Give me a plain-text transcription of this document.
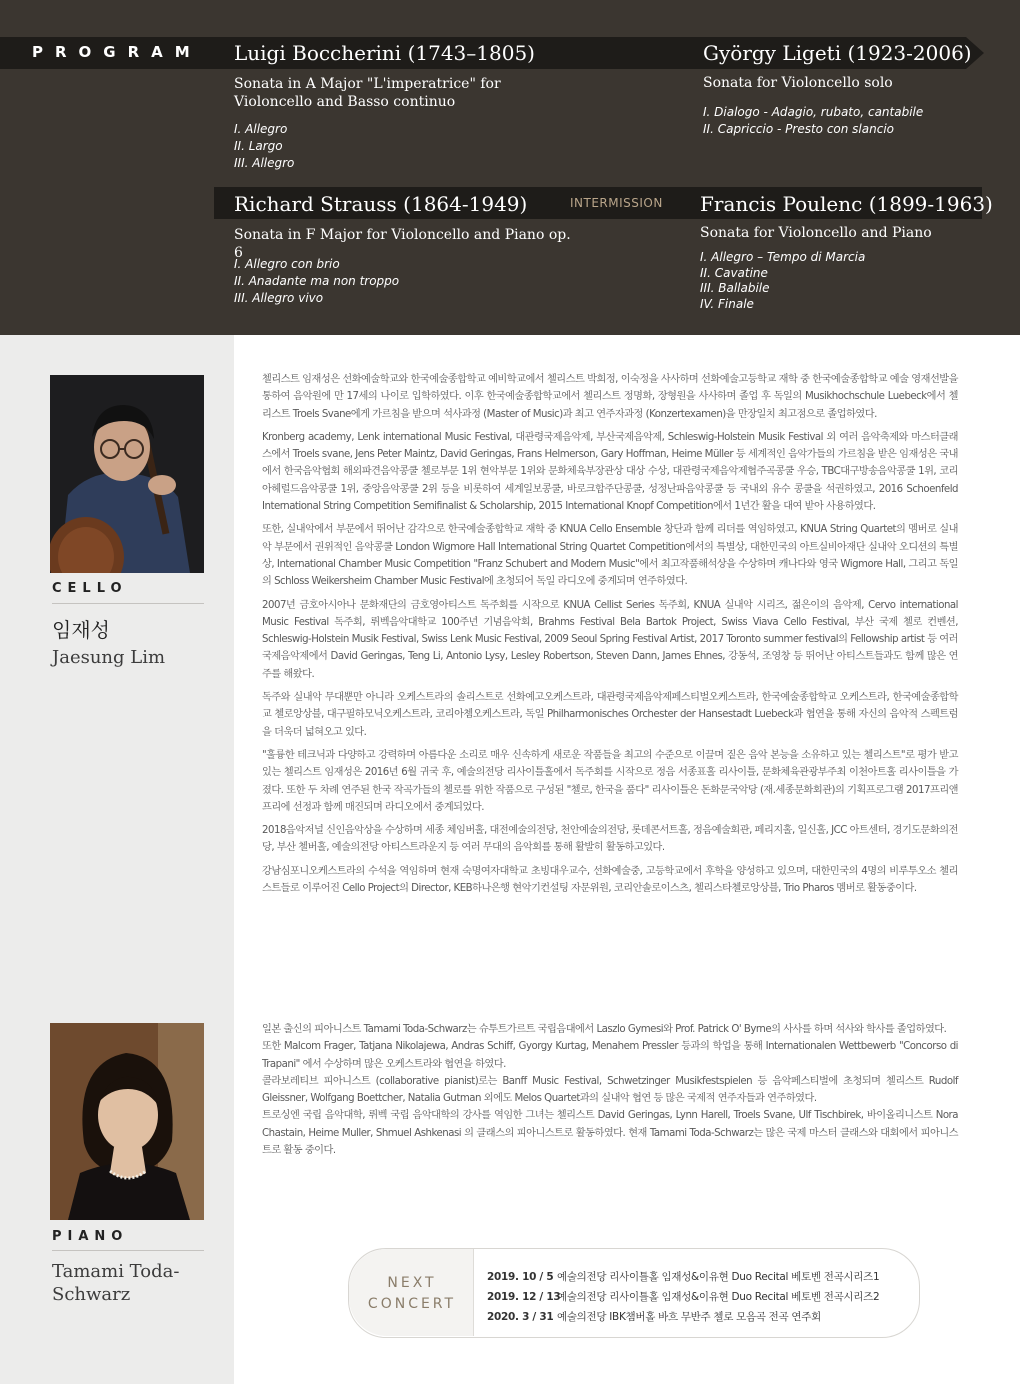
PROGRAM Luigi Boccherini (1743–1805)
Sonata in A Major "L'imperatrice" for Violoncello and Basso continuo
I. Allegro
II. Largo
III. Allegro
György Ligeti (1923-2006)
Sonata for Violoncello solo
I. Dialogo - Adagio, rubato, cantabile
II. Capriccio - Presto con slancio
Richard Strauss (1864-1949)	INTERMISSION
Sonata in F Major for Violoncello and Piano op. 6
I. Allegro con brio
II. Anadante ma non troppo
III. Allegro vivo
Francis Poulenc (1899-1963)
Sonata for Violoncello and Piano
I. Allegro – Tempo di Marcia
II. Cavatine
III. Ballabile
IV. Finale
CELLO
임재성
Jaesung Lim
PIANO
Tamami Toda-Schwarz

첼리스트 임재성은 선화예술학교와 한국예술종합학교 예비학교에서 첼리스트 박희정, 이숙정을 사사하며 선화예술고등학교 재학 중 한국예술종합학교 예술 영재선발을 통하여 음악원에 만 17세의 나이로 입학하였다. 이후 한국예술종합학교에서 첼리스트 정명화, 장형원을 사사하며 졸업 후 독일의 Musikhochschule Luebeck에서 첼리스트 Troels Svane에게 가르침을 받으며 석사과정 (Master of Music)과 최고 연주자과정 (Konzertexamen)을 만장일치 최고점으로 졸업하였다.

Kronberg academy, Lenk international Music Festival, 대관령국제음악제, 부산국제음악제, Schleswig-Holstein Musik Festival 외 여러 음악축제와 마스터클래스에서 Troels svane, Jens Peter Maintz, David Geringas, Frans Helmerson, Gary Hoffman, Heime Müller 등 세계적인 음악가들의 가르침을 받은 임재성은 국내에서 한국음악협회 해외파견음악콩쿨 첼로부문 1위 현악부문 1위와 문화체육부장관상 대상 수상, 대관령국제음악제협주곡콩쿨 우승, TBC대구방송음악콩쿨 1위, 코리아헤럴드음악콩쿨 1위, 중앙음악콩쿨 2위 등을 비롯하여 세계일보콩쿨, 바로크합주단콩쿨, 성정난파음악콩쿨 등 국내외 유수 콩쿨을 석권하였고, 2016 Schoenfeld International String Competition Semifinalist & Scholarship, 2015 International Knopf Competition에서 1년간 활을 대여 받아 사용하였다.

또한, 실내악에서 부문에서 뛰어난 감각으로 한국예술종합학교 재학 중 KNUA Cello Ensemble 창단과 함께 리더를 역임하였고, KNUA String Quartet의 멤버로 실내악 부문에서 권위적인 음악콩쿨 London Wigmore Hall International String Quartet Competition에서의 특별상, 대한민국의 아트실비아재단 실내악 오디션의 특별상, International Chamber Music Competition "Franz Schubert and Modern Music"에서 최고작품해석상을 수상하며 캐나다와 영국 Wigmore Hall, 그리고 독일의 Schloss Weikersheim Chamber Music Festival에 초청되어 독일 라디오에 중계되며 연주하였다.

2007년 금호아시아나 문화재단의 금호영아티스트 독주회를 시작으로 KNUA Cellist Series 독주회, KNUA 실내악 시리즈, 젊은이의 음악제, Cervo international Music Festival 독주회, 뤼벡음악대학교 100주년 기념음악회, Brahms Festival Bela Bartok Project, Swiss Viava Cello Festival, 부산 국제 첼로 컨벤션, Schleswig-Holstein Musik Festival, Swiss Lenk Music Festival, 2009 Seoul Spring Festival Artist, 2017 Toronto summer festival의 Fellowship artist 등 여러 국제음악제에서 David Geringas, Teng Li, Antonio Lysy, Lesley Robertson, Steven Dann, James Ehnes, 강동석, 조영창 등 뛰어난 아티스트들과도 함께 많은 연주를 해왔다.

독주와 실내악 무대뿐만 아니라 오케스트라의 솔리스트로 선화예고오케스트라, 대관령국제음악제페스티벌오케스트라, 한국예술종합학교 오케스트라, 한국예술종합학교 첼로앙상블, 대구필하모닉오케스트라, 코리아쳄오케스트라, 독일 Philharmonisches Orchester der Hansestadt Luebeck과 협연을 통해 자신의 음악적 스펙트럼을 더욱더 넓혀오고 있다.

"훌륭한 테크닉과 다양하고 강력하며 아름다운 소리로 매우 신속하게 새로운 작품들을 최고의 수준으로 이끌며 짙은 음악 본능을 소유하고 있는 첼리스트"로 평가 받고있는 첼리스트 임재성은 2016년 6월 귀국 후, 예술의전당 리사이틀홀에서 독주회를 시작으로 정음 서종표홀 리사이틀, 문화체육관광부주최 이천아트홀 리사이틀을 가졌다. 또한 두 차례 연주된 한국 작곡가들의 첼로를 위한 작품으로 구성된 "첼로, 한국을 품다" 리사이틀은 돈화문국악당 (재.세종문화회관)의 기획프로그램 2017프리앤프리에 선정과 함께 매진되며 라디오에서 중계되었다.

2018음악저널 신인음악상을 수상하며 세종 체임버홀, 대전예술의전당, 천안예술의전당, 롯데콘서트홀, 정음예술회관, 페리지홀, 일신홀, JCC 아트센터, 경기도문화의전당, 부산 첼버홀, 예술의전당 아티스트라운지 등 여러 무대의 음악회를 통해 활발히 활동하고있다.

강남심포니오케스트라의 수석을 역임하며 현재 숙명여자대학교 초빙대우교수, 선화예술중, 고등학교에서 후학을 양성하고 있으며, 대한민국의 4명의 비루투오소 첼리스트들로 이루어진 Cello Project의 Director, KEB하나은행 현악기컨설팅 자문위원, 코리안솔로이스츠, 첼리스타첼로앙상블, Trio Pharos 멤버로 활동중이다.

일본 출신의 피아니스트 Tamami Toda-Schwarz는 슈투트가르트 국립음대에서 Laszlo Gymesi와 Prof. Patrick O' Byrne의 사사를 하며 석사와 학사를 졸업하였다.

또한 Malcom Frager, Tatjana Nikolajewa, Andras Schiff, Gyorgy Kurtag, Menahem Pressler 등과의 학업을 통해 Internationalen Wettbewerb "Concorso di Trapani" 에서 수상하며 많은 오케스트라와 협연을 하였다.

콜라보레티브 피아니스트 (collaborative pianist)로는 Banff Music Festival, Schwetzinger Musikfestspielen 등 음악페스티벌에 초청되며 첼리스트 Rudolf Gleissner, Wolfgang Boettcher, Natalia Gutman 외에도 Melos Quartet과의 실내악 협연 등 많은 국제적 연주자들과 연주하였다.

트로싱엔 국립 음악대학, 뤼벡 국립 음악대학의 강사를 역임한 그녀는 첼리스트 David Geringas, Lynn Harell, Troels Svane, Ulf Tischbirek, 바이올리니스트 Nora Chastain, Heime Muller, Shmuel Ashkenasi 의 클래스의 피아니스트로 활동하였다. 현재 Tamami Toda-Schwarz는 많은 국제 마스터 클래스와 대회에서 피아니스트로 활동 중이다.

NEXT
CONCERT
2019. 10 / 5 예술의전당 리사이틀홀 임재성&이유현 Duo Recital 베토벤 전곡시리즈1
2019. 12 / 13예술의전당 리사이틀홀 임재성&이유현 Duo Recital 베토벤 전곡시리즈2
2020. 3 / 31 예술의전당 IBK챔버홀 바흐 무반주 첼로 모음곡 전곡 연주회
